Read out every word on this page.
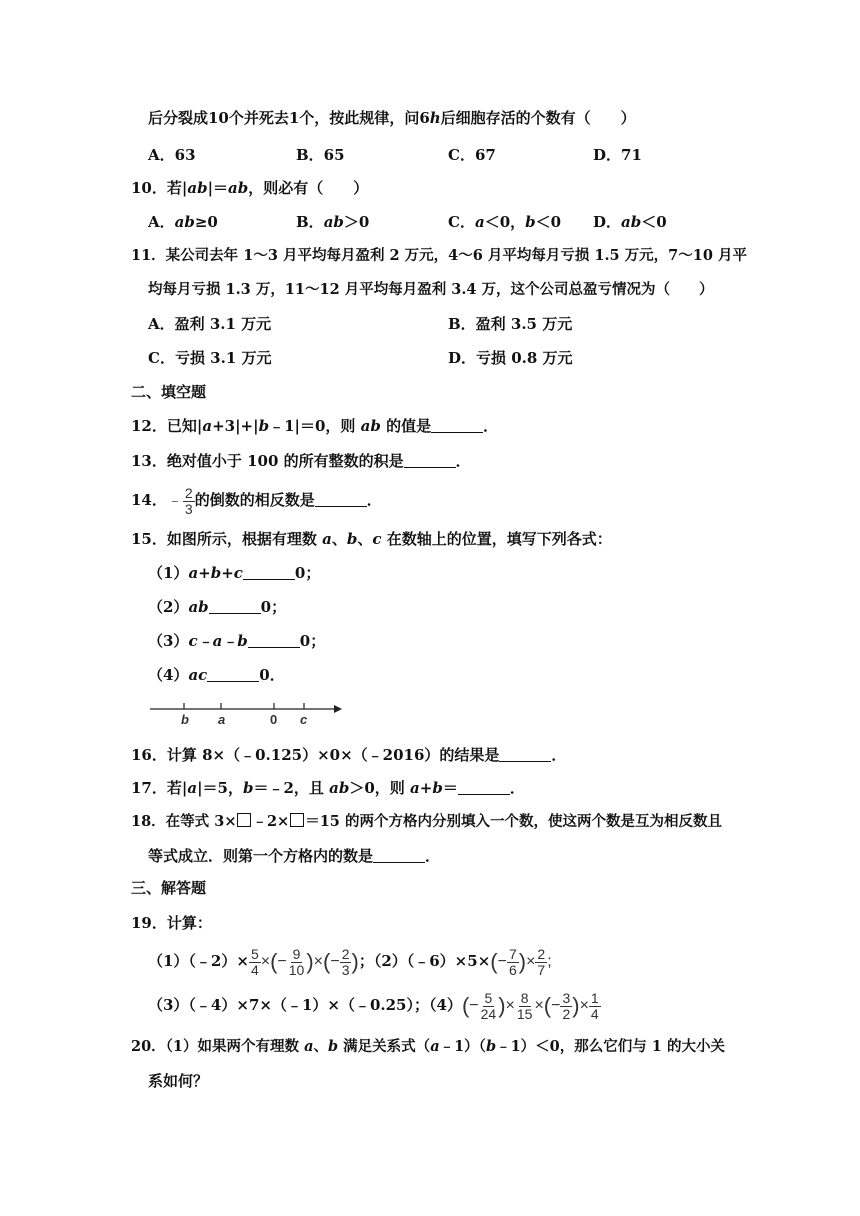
后分裂成10个并死去1个，按此规律，问6h后细胞存活的个数有（　　）
A．63	B．65	C．67	D．71
10．若|ab|＝ab，则必有（　　）
A．ab≥0	B．ab＞0	C．a＜0，b＜0 D．ab＜0
11．某公司去年 1～3 月平均每月盈利 2 万元，4～6 月平均每月亏损 1.5 万元，7～10 月平
均每月亏损 1.3 万，11～12 月平均每月盈利 3.4 万，这个公司总盈亏情况为（　　）
A．盈利 3.1 万元	B．盈利 3.5 万元
C．亏损 3.1 万元	D．亏损 0.8 万元
二、填空题
12．已知|a+3|+|b﹣1|＝0，则 ab 的值是	．
13．绝对值小于 100 的所有整数的积是	．
14．﹣ $\frac{2}{3}$ 的倒数的相反数是	．
15．如图所示，根据有理数 a、b、c 在数轴上的位置，填写下列各式：
（1）a+b+c	0；
（2）ab	0；
（3）c﹣a﹣b	0；
（4）ac	0．
b a	0 c
16．计算 8×（﹣0.125）×0×（﹣2016）的结果是	．
17．若|a|＝5，b＝﹣2，且 ab＞0，则 a+b＝	．
18．在等式 3× ﹣2× ＝15 的两个方格内分别填入一个数，使这两个数是互为相反数且
等式成立．则第一个方格内的数是	．
三、解答题
19．计算：
（1）（﹣2）× $\frac{5}{4}$ ×(− $\frac{9}{10}$ )×(− $\frac{2}{3}$ )；（2）（﹣6）×5×(− $\frac{7}{6}$ )× $\frac{2}{7}$ ;
（3）（﹣4）×7×（﹣1）×（﹣0.25）；$(4)(- \frac{5}{24}$ )× $\frac{8}{15}$ ×(− $\frac{3}{2}$ )× $\frac{1}{4}$
20．（1）如果两个有理数 a、b 满足关系式（a﹣1）（b﹣1）＜0，那么它们与 1 的大小关
系如何？
